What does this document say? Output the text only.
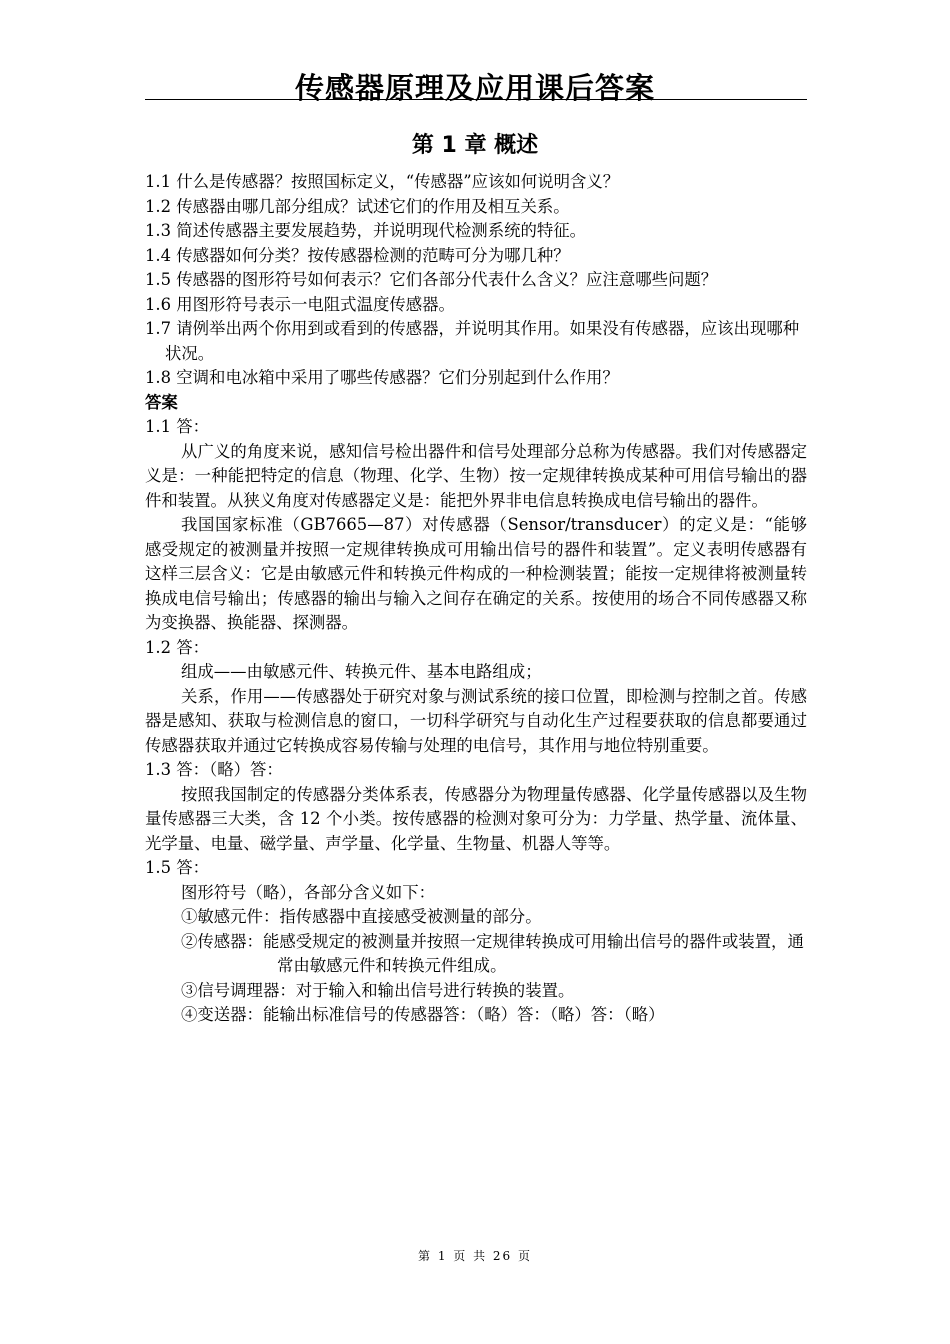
传感器原理及应用课后答案
第 1 章 概述

1.1 什么是传感器？按照国标定义，“传感器”应该如何说明含义？

1.2 传感器由哪几部分组成？试述它们的作用及相互关系。

1.3 简述传感器主要发展趋势，并说明现代检测系统的特征。

1.4 传感器如何分类？按传感器检测的范畴可分为哪几种？

1.5 传感器的图形符号如何表示？它们各部分代表什么含义？应注意哪些问题？

1.6 用图形符号表示一电阻式温度传感器。

1.7 请例举出两个你用到或看到的传感器，并说明其作用。如果没有传感器，应该出现哪种状况。

1.8 空调和电冰箱中采用了哪些传感器？它们分别起到什么作用？

答案

1.1 答：

从广义的角度来说，感知信号检出器件和信号处理部分总称为传感器。我们对传感器定义是：一种能把特定的信息（物理、化学、生物）按一定规律转换成某种可用信号输出的器件和装置。从狭义角度对传感器定义是：能把外界非电信息转换成电信号输出的器件。

我国国家标准（GB7665—87）对传感器（Sensor/transducer）的定义是：“能够感受规定的被测量并按照一定规律转换成可用输出信号的器件和装置”。定义表明传感器有这样三层含义：它是由敏感元件和转换元件构成的一种检测装置；能按一定规律将被测量转换成电信号输出；传感器的输出与输入之间存在确定的关系。按使用的场合不同传感器又称为变换器、换能器、探测器。

1.2 答：

组成——由敏感元件、转换元件、基本电路组成；

关系，作用——传感器处于研究对象与测试系统的接口位置，即检测与控制之首。传感器是感知、获取与检测信息的窗口，一切科学研究与自动化生产过程要获取的信息都要通过传感器获取并通过它转换成容易传输与处理的电信号，其作用与地位特别重要。

1.3 答：（略）答：

按照我国制定的传感器分类体系表，传感器分为物理量传感器、化学量传感器以及生物量传感器三大类，含 12 个小类。按传感器的检测对象可分为：力学量、热学量、流体量、光学量、电量、磁学量、声学量、化学量、生物量、机器人等等。

1.5 答：

图形符号（略），各部分含义如下：

①敏感元件：指传感器中直接感受被测量的部分。

②传感器：能感受规定的被测量并按照一定规律转换成可用输出信号的器件或装置，通常由敏感元件和转换元件组成。

③信号调理器：对于输入和输出信号进行转换的装置。

④变送器：能输出标准信号的传感器答：（略）答：（略）答：（略）

第 1 页 共 26 页
